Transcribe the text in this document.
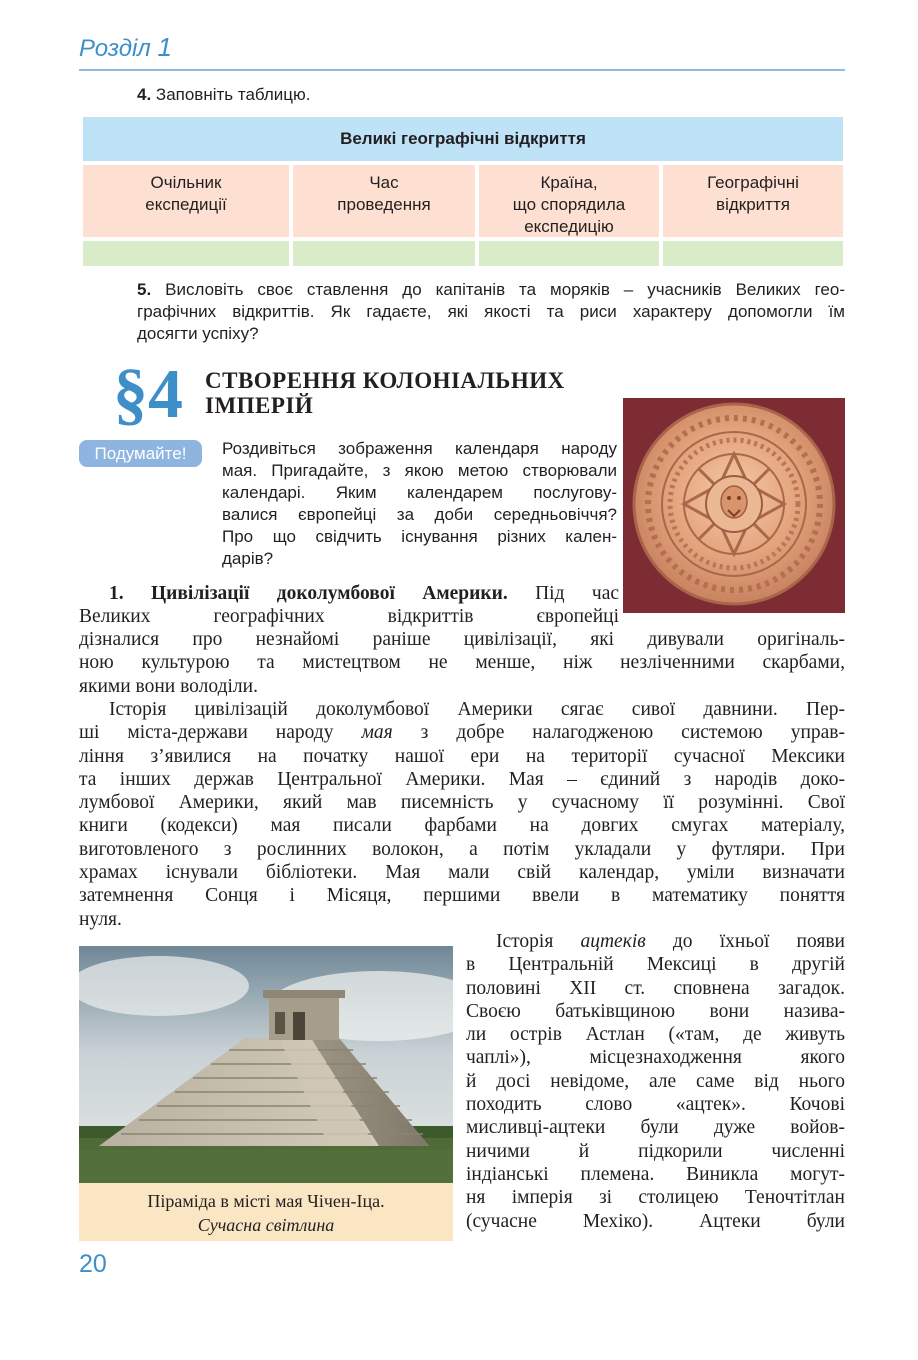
Розділ 1
4. Заповніть таблицю.
Великі географічні відкриття
Очільник
експедиції
Час
проведення
Країна,
що спорядила
експедицію
Географічні
відкриття
5. Висловіть своє ставлення до капітанів та моряків – учасників Великих гео-
графічних відкриттів. Як гадаєте, які якості та риси характеру допомогли їм
досягти успіху?
§4 СТВОРЕННЯ КОЛОНІАЛЬНИХ
ІМПЕРІЙ
Подумайте!	Роздивіться зображення календаря народу
мая. Пригадайте, з якою метою створювали
календарі. Яким календарем послугову-
валися європейці за доби середньовіччя?
Про що свідчить існування різних кален-
дарів?
1. Цивілізації доколумбової Америки. Під час
Великих географічних відкриттів європейці
дізналися про незнайомі раніше цивілізації, які дивували оригіналь-
ною культурою та мистецтвом не менше, ніж незліченними скарбами,
якими вони володіли.
Історія цивілізацій доколумбової Америки сягає сивої давнини. Пер-
ші міста-держави народу мая з добре налагодженою системою управ-
ління з’явилися на початку нашої ери на території сучасної Мексики
та інших держав Центральної Америки. Мая – єдиний з народів доко-
лумбової Америки, який мав писемність у сучасному її розумінні. Свої
книги (кодекси) мая писали фарбами на довгих смугах матеріалу,
виготовленого з рослинних волокон, а потім укладали у футляри. При
храмах існували бібліотеки. Мая мали свій календар, уміли визначати
затемнення Сонця і Місяця, першими ввели в математику поняття
нуля.
Піраміда в місті мая Чічен-Іца.
Сучасна світлина
Історія ацтеків до їхньої появи
в Центральній Мексиці в другій
половині XII ст. сповнена загадок.
Своєю батьківщиною вони назива-
ли острів Астлан («там, де живуть
чаплі»), місцезнаходження якого
й досі невідоме, але саме від нього
походить слово «ацтек». Кочові
мисливці-ацтеки були дуже войов-
ничими й підкорили численні
індіанські племена. Виникла могут-
ня імперія зі столицею Теночтітлан
(сучасне Мехіко). Ацтеки були
20
